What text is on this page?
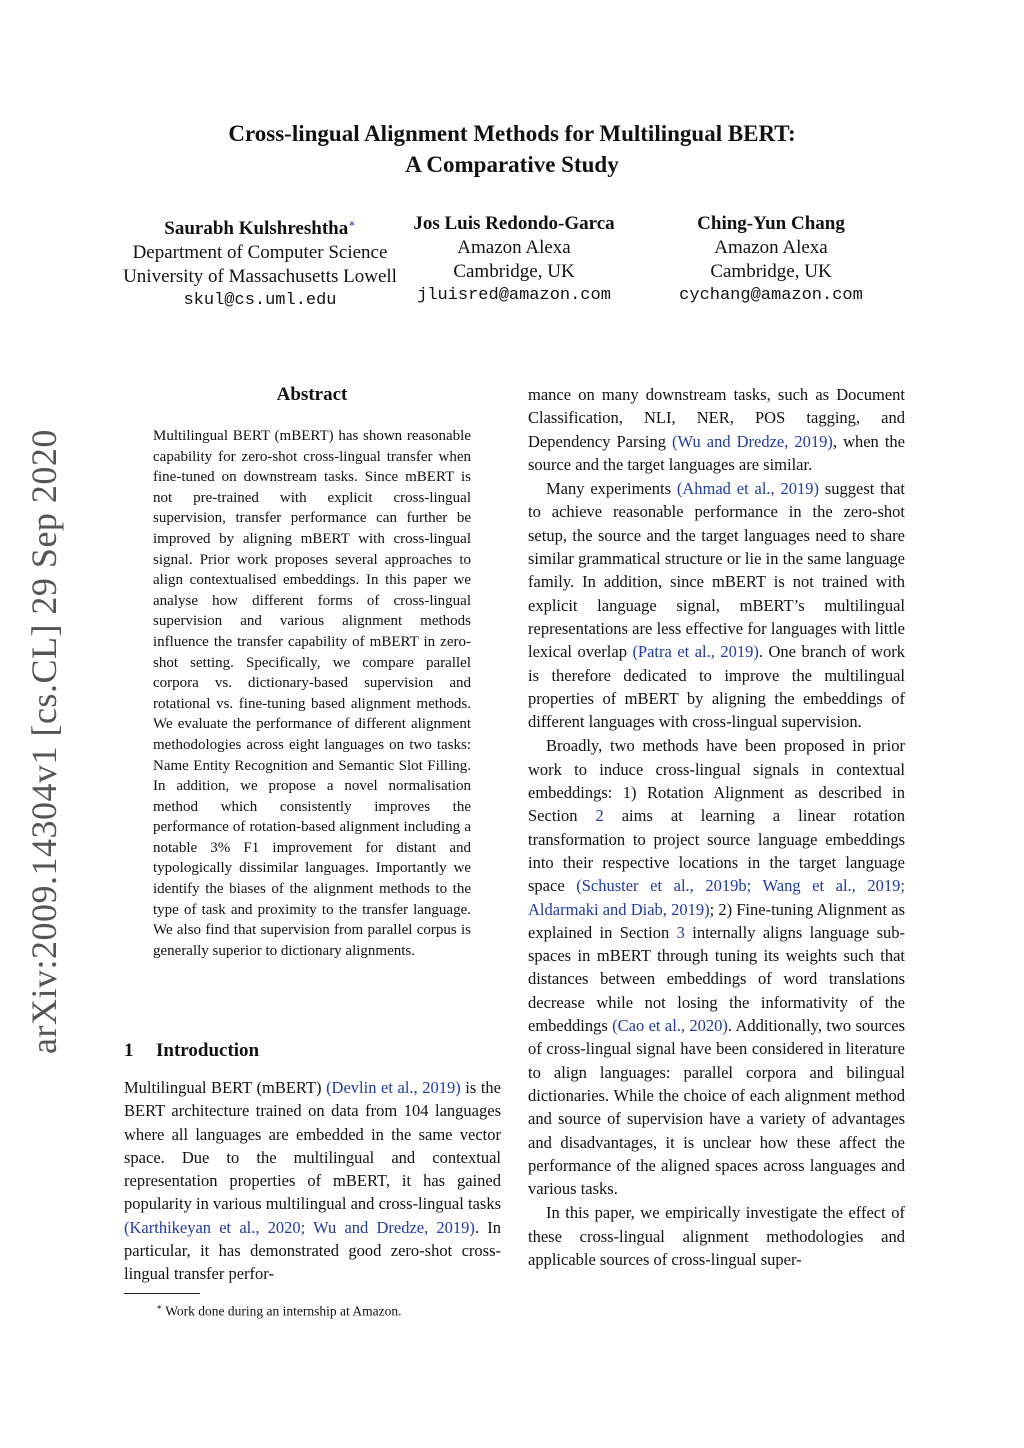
Cross-lingual Alignment Methods for Multilingual BERT:
A Comparative Study
Saurabh Kulshreshtha∗
Department of Computer Science
University of Massachusetts Lowell
skul@cs.uml.edu
Jos Luis Redondo-Garca
Amazon Alexa
Cambridge, UK
jluisred@amazon.com
Ching-Yun Chang
Amazon Alexa
Cambridge, UK
cychang@amazon.com
arXiv:2009.14304v1 [cs.CL] 29 Sep 2020
Abstract
Multilingual BERT (mBERT) has shown reasonable capability for zero-shot cross-lingual transfer when fine-tuned on downstream tasks. Since mBERT is not pre-trained with explicit cross-lingual supervision, transfer performance can further be improved by aligning mBERT with cross-lingual signal. Prior work proposes several approaches to align contextualised embeddings. In this paper we analyse how different forms of cross-lingual supervision and various alignment methods influence the transfer capability of mBERT in zero-shot setting. Specifically, we compare parallel corpora vs. dictionary-based supervision and rotational vs. fine-tuning based alignment methods. We evaluate the performance of different alignment methodologies across eight languages on two tasks: Name Entity Recognition and Semantic Slot Filling. In addition, we propose a novel normalisation method which consistently improves the performance of rotation-based alignment including a notable 3% F1 improvement for distant and typologically dissimilar languages. Importantly we identify the biases of the alignment methods to the type of task and proximity to the transfer language. We also find that supervision from parallel corpus is generally superior to dictionary alignments.
1 Introduction
Multilingual BERT (mBERT) (Devlin et al., 2019) is the BERT architecture trained on data from 104 languages where all languages are embedded in the same vector space. Due to the multilingual and contextual representation properties of mBERT, it has gained popularity in various multilingual and cross-lingual tasks (Karthikeyan et al., 2020; Wu and Dredze, 2019). In particular, it has demonstrated good zero-shot cross-lingual transfer perfor-
∗ Work done during an internship at Amazon.

mance on many downstream tasks, such as Document Classification, NLI, NER, POS tagging, and Dependency Parsing (Wu and Dredze, 2019), when the source and the target languages are similar.

Many experiments (Ahmad et al., 2019) suggest that to achieve reasonable performance in the zero-shot setup, the source and the target languages need to share similar grammatical structure or lie in the same language family. In addition, since mBERT is not trained with explicit language signal, mBERT’s multilingual representations are less effective for languages with little lexical overlap (Patra et al., 2019). One branch of work is therefore dedicated to improve the multilingual properties of mBERT by aligning the embeddings of different languages with cross-lingual supervision.

Broadly, two methods have been proposed in prior work to induce cross-lingual signals in contextual embeddings: 1) Rotation Alignment as described in Section 2 aims at learning a linear rotation transformation to project source language embeddings into their respective locations in the target language space (Schuster et al., 2019b; Wang et al., 2019; Aldarmaki and Diab, 2019); 2) Fine-tuning Alignment as explained in Section 3 internally aligns language sub-spaces in mBERT through tuning its weights such that distances between embeddings of word translations decrease while not losing the informativity of the embeddings (Cao et al., 2020). Additionally, two sources of cross-lingual signal have been considered in literature to align languages: parallel corpora and bilingual dictionaries. While the choice of each alignment method and source of supervision have a variety of advantages and disadvantages, it is unclear how these affect the performance of the aligned spaces across languages and various tasks.

In this paper, we empirically investigate the effect of these cross-lingual alignment methodologies and applicable sources of cross-lingual super-
